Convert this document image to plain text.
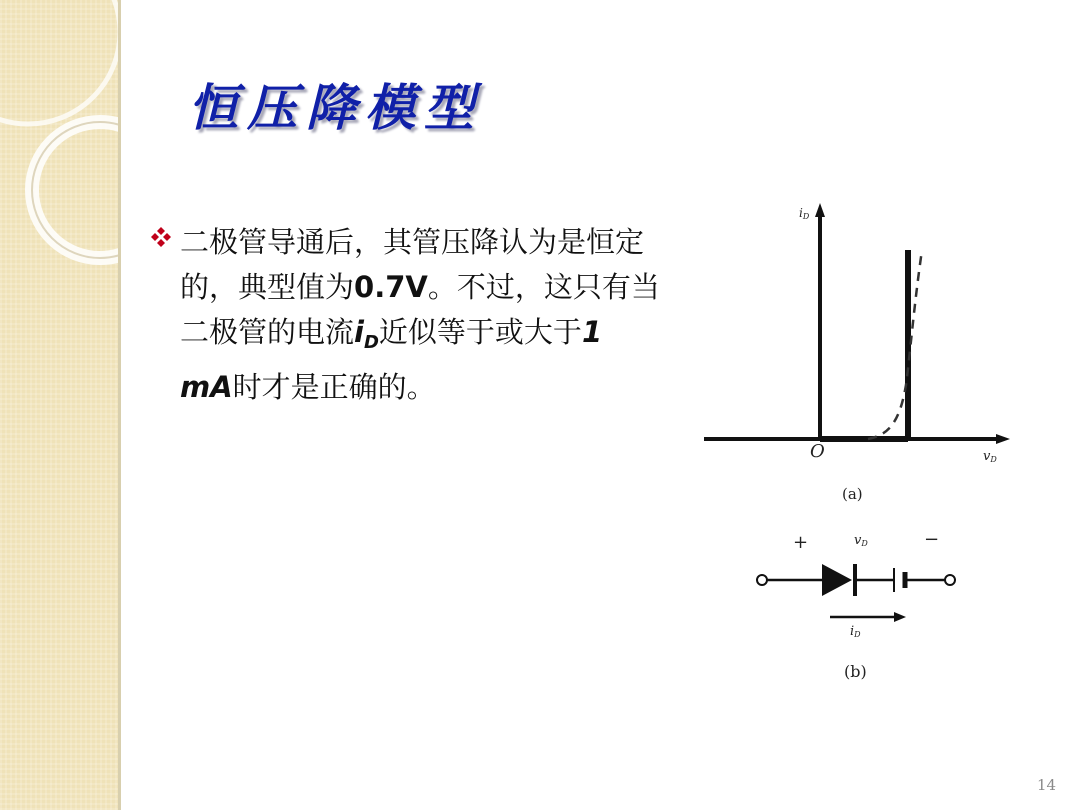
恒压降模型

二极管导通后，其管压降认为是恒定的，典型值为0.7V。不过，这只有当二极管的电流$i_D$近似等于或大于1 mA时才是正确的。

iD
O	vD
(a)
+	vD	−
iD
(b)
14
